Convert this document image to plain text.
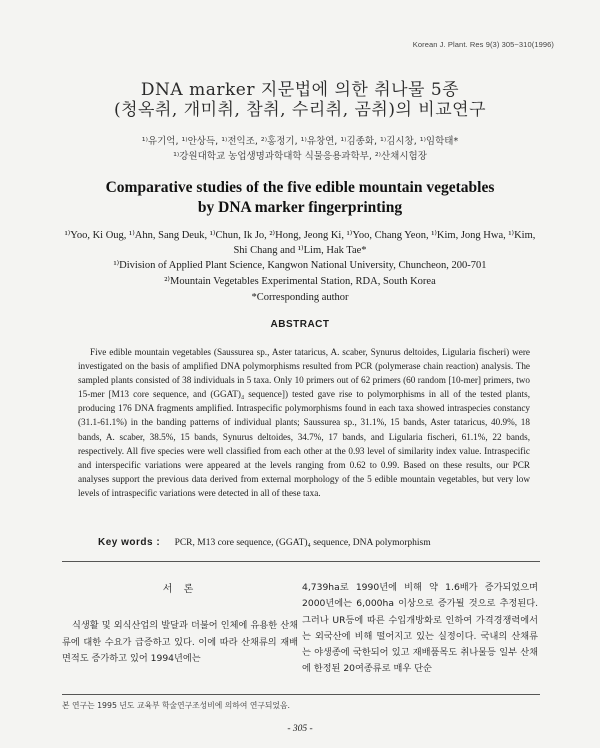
Korean J. Plant. Res 9(3) 305~310(1996)
DNA marker 지문법에 의한 취나물 5종
(청옥취, 개미취, 참취, 수리취, 곰취)의 비교연구
¹⁾유기억, ¹⁾안상득, ¹⁾전익조, ²⁾홍정기, ¹⁾유창연, ¹⁾김종화, ¹⁾김시창, ¹⁾임학태*
¹⁾강원대학교 농업생명과학대학 식물응용과학부, ²⁾산채시험장
Comparative studies of the five edible mountain vegetables
by DNA marker fingerprinting
¹⁾Yoo, Ki Oug, ¹⁾Ahn, Sang Deuk, ¹⁾Chun, Ik Jo, ²⁾Hong, Jeong Ki, ¹⁾Yoo, Chang Yeon, ¹⁾Kim, Jong Hwa, ¹⁾Kim, Shi Chang and ¹⁾Lim, Hak Tae*
¹⁾Division of Applied Plant Science, Kangwon National University, Chuncheon, 200-701
²⁾Mountain Vegetables Experimental Station, RDA, South Korea
*Corresponding author
ABSTRACT
Five edible mountain vegetables (Saussurea sp., Aster tataricus, A. scaber, Synurus deltoides, Ligularia fischeri) were investigated on the basis of amplified DNA polymorphisms resulted from PCR (polymerase chain reaction) analysis. The sampled plants consisted of 38 individuals in 5 taxa. Only 10 primers out of 62 primers (60 random [10-mer] primers, two 15-mer [M13 core sequence, and (GGAT)₄ sequence]) tested gave rise to polymorphisms in all of the tested plants, producing 176 DNA fragments amplified. Intraspecific polymorphisms found in each taxa showed intraspecies constancy (31.1-61.1%) in the banding patterns of individual plants; Saussurea sp., 31.1%, 15 bands, Aster tataricus, 40.9%, 18 bands, A. scaber, 38.5%, 15 bands, Synurus deltoides, 34.7%, 17 bands, and Ligularia fischeri, 61.1%, 22 bands, respectively. All five species were well classified from each other at the 0.93 level of similarity index value. Intraspecific and interspecific variations were appeared at the levels ranging from 0.62 to 0.99. Based on these results, our PCR analyses support the previous data derived from external morphology of the 5 edible mountain vegetables, but very low levels of intraspecific variations were detected in all of these taxa.
Key words : PCR, M13 core sequence, (GGAT)₄ sequence, DNA polymorphism
서 론
식생활 및 외식산업의 발달과 더불어 인체에 유용한 산채류에 대한 수요가 급증하고 있다. 이에 따라 산채류의 재배면적도 증가하고 있어 1994년에는
4,739ha로 1990년에 비해 약 1.6배가 증가되었으며 2000년에는 6,000ha 이상으로 증가될 것으로 추정된다. 그러나 UR등에 따른 수입개방화로 인하여 가격경쟁력에서는 외국산에 비해 떨어지고 있는 실정이다. 국내의 산채류는 야생종에 국한되어 있고 재배품목도 취나물등 일부 산채에 한정된 20여종류로 매우 단순
본 연구는 1995 년도 교육부 학술연구조성비에 의하여 연구되었음.
- 305 -
